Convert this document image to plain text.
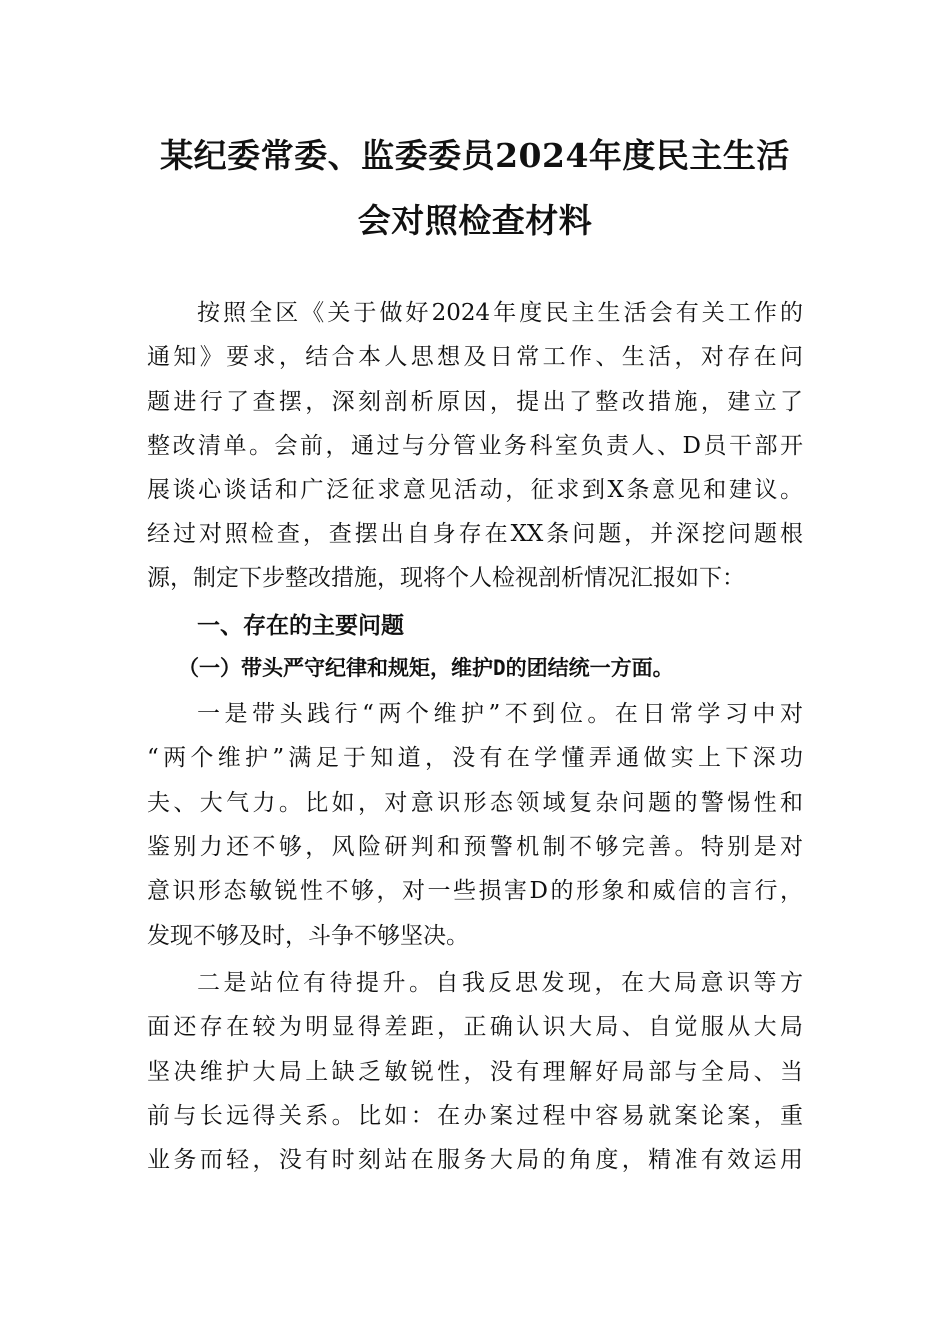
某纪委常委、监委委员2024年度民主生活
会对照检查材料
按照全区《关于做好2024年度民主生活会有关工作的
通知》要求，结合本人思想及日常工作、生活，对存在问
题进行了查摆，深刻剖析原因，提出了整改措施，建立了
整改清单。会前，通过与分管业务科室负责人、D员干部开
展谈心谈话和广泛征求意见活动，征求到X条意见和建议。
经过对照检查，查摆出自身存在XX条问题，并深挖问题根
源，制定下步整改措施，现将个人检视剖析情况汇报如下：
一、存在的主要问题
（一）带头严守纪律和规矩，维护D的团结统一方面。
一是带头践行“两个维护”不到位。在日常学习中对
“两个维护”满足于知道，没有在学懂弄通做实上下深功
夫、大气力。比如，对意识形态领域复杂问题的警惕性和
鉴别力还不够，风险研判和预警机制不够完善。特别是对
意识形态敏锐性不够，对一些损害D的形象和威信的言行，
发现不够及时，斗争不够坚决。
二是站位有待提升。自我反思发现，在大局意识等方
面还存在较为明显得差距，正确认识大局、自觉服从大局
坚决维护大局上缺乏敏锐性，没有理解好局部与全局、当
前与长远得关系。比如：在办案过程中容易就案论案，重
业务而轻，没有时刻站在服务大局的角度，精准有效运用
